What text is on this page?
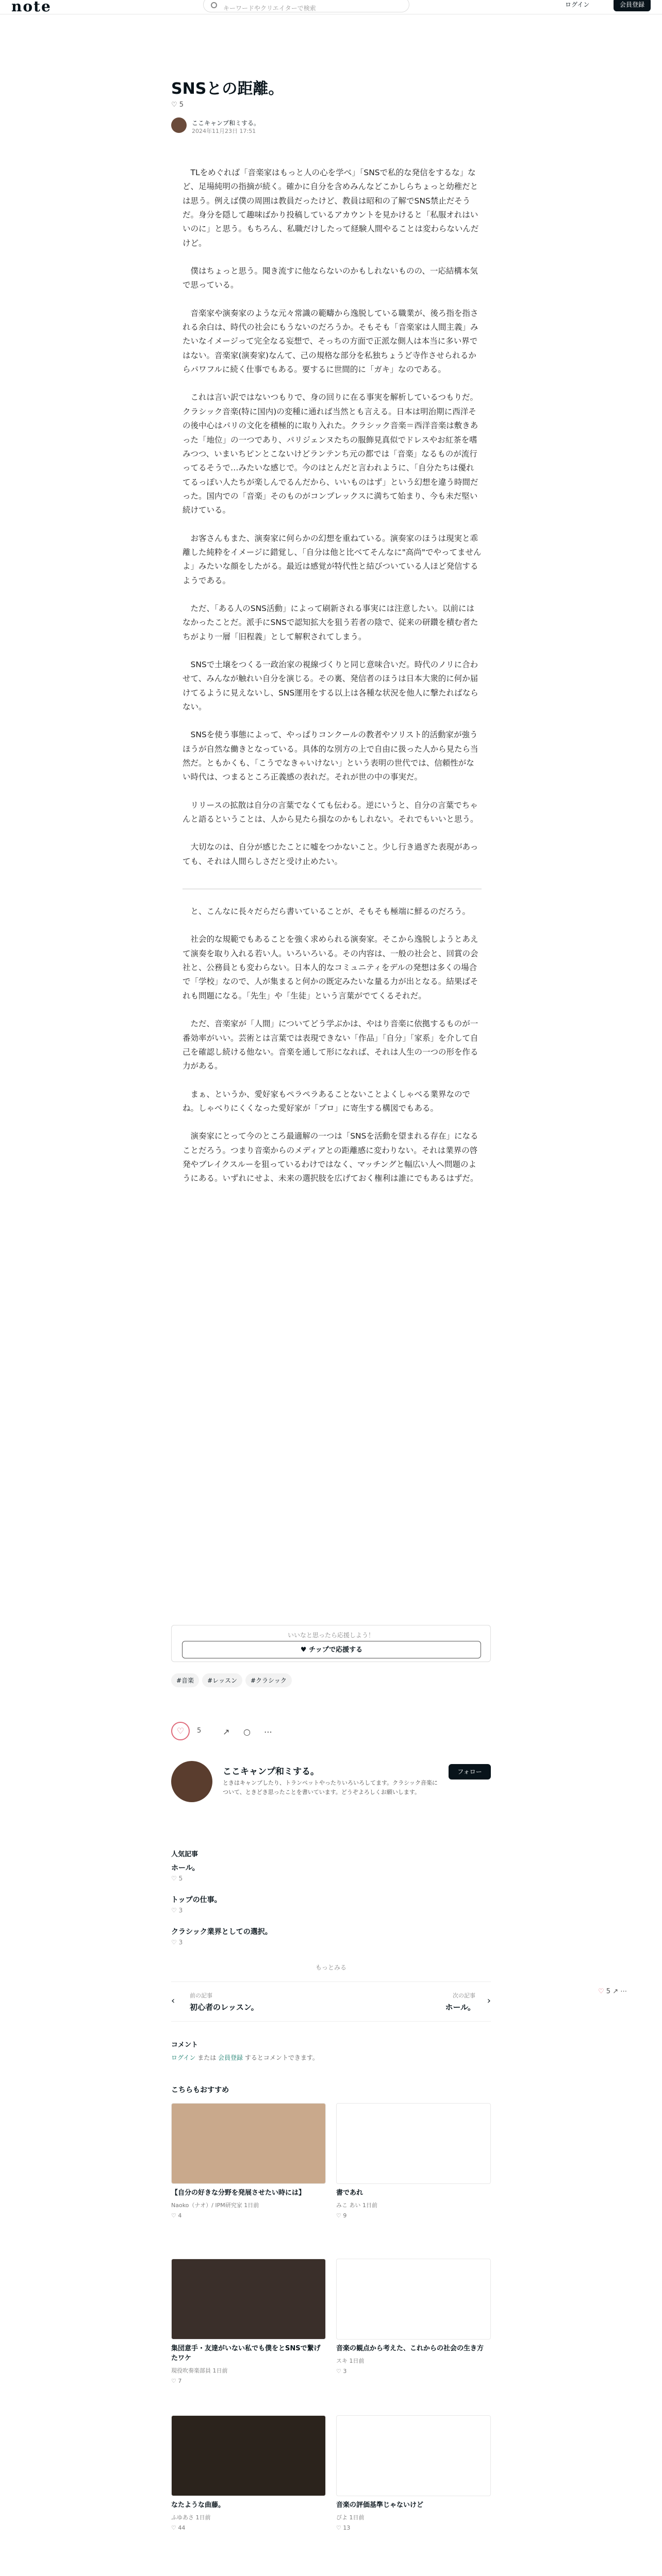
note	キーワードやクリエイターで検索	ログイン	会員登録
SNSとの距離。
♡ 5
ここキャンプ和ミする。
2024年11月23日 17:51

　TLをめぐれば「音楽家はもっと人の心を学べ」「SNSで私的な発信をするな」など、足場純明の指摘が続く。確かに自分を含めみんなどこかしらちょっと幼稚だとは思う。例えば僕の周囲は教員だったけど、教員は昭和の了解でSNS禁止だそうだ。身分を隠して趣味ばかり投稿しているアカウントを見かけると「私服オれはいいのに」と思う。もちろん、私職だけしたって経験人間やることは変わらないんだけど。

　僕はちょっと思う。聞き流すに他ならないのかもしれないものの、一応結構本気で思っている。

　音楽家や演奏家のような元々常識の範疇から逸脱している職業が、後ろ指を指される余白は、時代の社会にもうないのだろうか。そもそも「音楽家は人間主義」みたいなイメージって完全なる妄想で、そっちの方面で正派な側人は本当に多い界ではない。音楽家(演奏家)なんて、己の規格な部分を私独ちょうど寺作させられるからパワフルに続く仕事でもある。要するに世間的に「ガキ」なのである。

　これは言い訳ではないつもりで、身の回りに在る事実を解析しているつもりだ。クラシック音楽(特に国内)の変種に通れば当然とも言える。日本は明治期に西洋その後中心はパリの文化を積極的に取り入れた。クラシック音楽＝西洋音楽は敷きあった「地位」の一つであり、パリジェンヌたちの服飾見真似でドレスやお紅茶を嗜みつつ、いまいちピンとこないけどランテンち元の都では「音楽」なるものが流行ってるそうで…みたいな感じで。今のはとんだと言われように、「自分たちは優れてるっぽい人たちが楽しんでるんだから、いいものはず」という幻想を違う時間だった。国内での「音楽」そのものがコンプレックスに満ちて始まり、今も未だ堅い続けている。

　お客さんもまた、演奏家に何らかの幻想を重ねている。演奏家のほうは現実と乖離した純粋をイメージに錯覚し、「自分は他と比べてそんなに"高尚"でやってませんよ」みたいな顔をしたがる。最近は感覚が特代性と結びついている人ほど発信するようである。

　ただ、「ある人のSNS活動」によって刷新される事実には注意したい。以前にはなかったことだ。派手にSNSで認知拡大を狙う若者の陰で、従来の研鑽を積む者たちがより一層「旧程義」として解釈されてしまう。

　SNSで土壌をつくる一政治家の視線づくりと同じ意味合いだ。時代のノリに合わせて、みんなが触れい自分を演じる。その裏、発信者のほうは日本大衆的に何か届けてるように見えないし、SNS運用をする以上は各種な状況を他人に撃たればならない。

　SNSを使う事態によって、やっぱりコンクールの教者やソリスト的活動家が強うほうが自然な働きとなっている。具体的な別方の上で自由に扱った人から見たら当然だ。ともかくも、「こうでなきゃいけない」という表明の世代では、信頼性がない時代は、つまるところ正義感の表れだ。それが世の中の事実だ。

　リリースの拡散は自分の言葉でなくても伝わる。逆にいうと、自分の言葉でちゃんと語るということは、人から見たら損なのかもしれない。それでもいいと思う。

　大切なのは、自分が感じたことに嘘をつかないこと。少し行き過ぎた表現があっても、それは人間らしさだと受け止めたい。

　と、こんなに長々だらだら書いていることが、そもそも極端に鮮るのだろう。

　社会的な規範でもあることを強く求められる演奏家。そこから逸脱しようとあえて演奏を取り入れる若い人。いろいろいる。その内容は、一般の社会と、回賞の会社と、公務員とも変わらない。日本人的なコミュニティをデルの発想は多くの場合で「学校」なので、人が集まると何かの既定みたいな量る力が出となる。結果ばそれも問題になる。「先生」や「生徒」という言葉がでてくるそれだ。

　ただ、音楽家が「人間」についてどう学ぶかは、やはり音楽に依拠するものが一番効率がいい。芸術とは言葉では表現できない「作品」「自分」「家系」を介して自己を確認し続ける他ない。音楽を通して形になれば、それは人生の一つの形を作る力がある。

　まぁ、というか、愛好家もペラペラあることないことよくしゃべる業界なのでね。しゃべりにくくなった愛好家が「プロ」に寄生する構図でもある。

　演奏家にとって今のところ最適解の一つは「SNSを活動を望まれる存在」になることだろう。つまり音楽からのメディアとの距離感に変わりない。それは業界の啓発やブレイクスルーを狙っているわけではなく、マッチングと幅広い人へ問題のようにある。いずれにせよ、未来の選択肢を広げておく権利は誰にでもあるはずだ。

いいなと思ったら応援しよう！
♥ チップで応援する
#音楽 #レッスン #クラシック
♡	5	↗ ○ ⋯
ここキャンプ和ミする。
ときはキャンプしたり、トランペットやったりいろいろしてます。クラシック音楽について、ときどき思ったことを書いています。どうぞよろしくお願いします。
フォロー
人気記事
ホール。
♡ 5
トップの仕事。
♡ 3
クラシック業界としての選択。
♡ 3
もっとみる
‹	前の記事
初心者のレッスン。
次の記事
ホール。
›
コメント
ログイン または 会員登録 するとコメントできます。
こちらもおすすめ
【自分の好きな分野を発展させたい時には】
Naoko（ナオ）/ IPM研究家 1日前
♡ 4
書であれ
みこ あい 1日前
♡ 9
集団意手・友達がいない私でも僕をとSNSで繋げたワケ
現役吹奏楽部員 1日前
♡ 7
音楽の観点から考えた、これからの社会の生き方
スキ 1日前
♡ 3
なたような曲藤。
ふゆあさ 1日前
♡ 44
音楽の評価基準じゃないけど
ぴよ 1日前
♡ 13
♡ 5 ↗ ⋯
